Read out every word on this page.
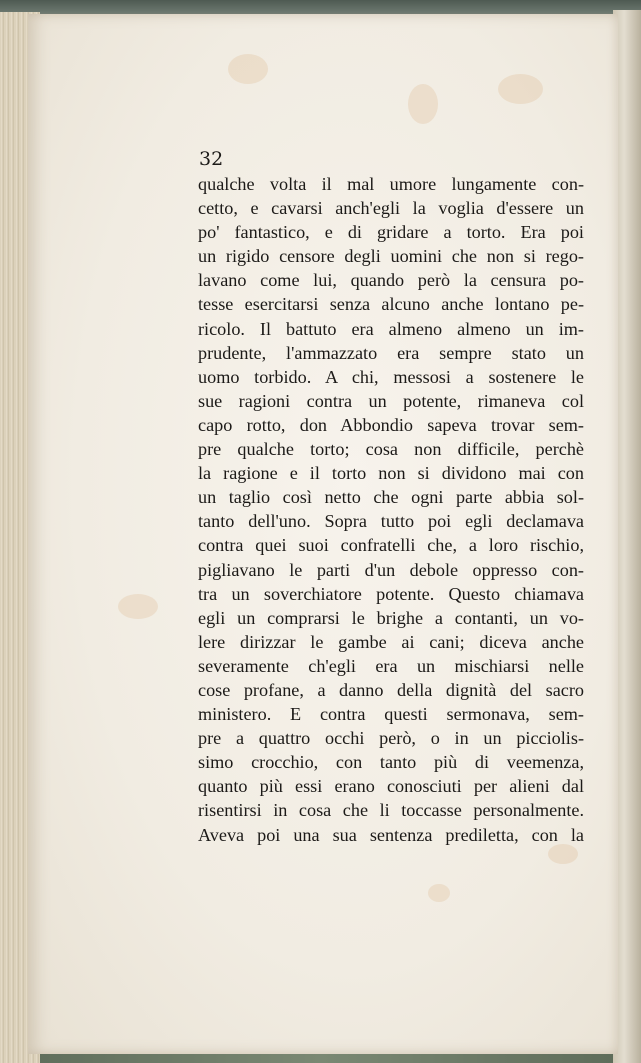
32

qualche volta il mal umore lungamente con-
cetto, e cavarsi anch'egli la voglia d'essere un
po' fantastico, e di gridare a torto. Era poi
un rigido censore degli uomini che non si rego-
lavano come lui, quando però la censura po-
tesse esercitarsi senza alcuno anche lontano pe-
ricolo. Il battuto era almeno almeno un im-
prudente, l'ammazzato era sempre stato un
uomo torbido. A chi, messosi a sostenere le
sue ragioni contra un potente, rimaneva col
capo rotto, don Abbondio sapeva trovar sem-
pre qualche torto; cosa non difficile, perchè
la ragione e il torto non si dividono mai con
un taglio così netto che ogni parte abbia sol-
tanto dell'uno. Sopra tutto poi egli declamava
contra quei suoi confratelli che, a loro rischio,
pigliavano le parti d'un debole oppresso con-
tra un soverchiatore potente. Questo chiamava
egli un comprarsi le brighe a contanti, un vo-
lere dirizzar le gambe ai cani; diceva anche
severamente ch'egli era un mischiarsi nelle
cose profane, a danno della dignità del sacro
ministero. E contra questi sermonava, sem-
pre a quattro occhi però, o in un picciolis-
simo crocchio, con tanto più di veemenza,
quanto più essi erano conosciuti per alieni dal
risentirsi in cosa che li toccasse personalmente.
Aveva poi una sua sentenza prediletta, con la
